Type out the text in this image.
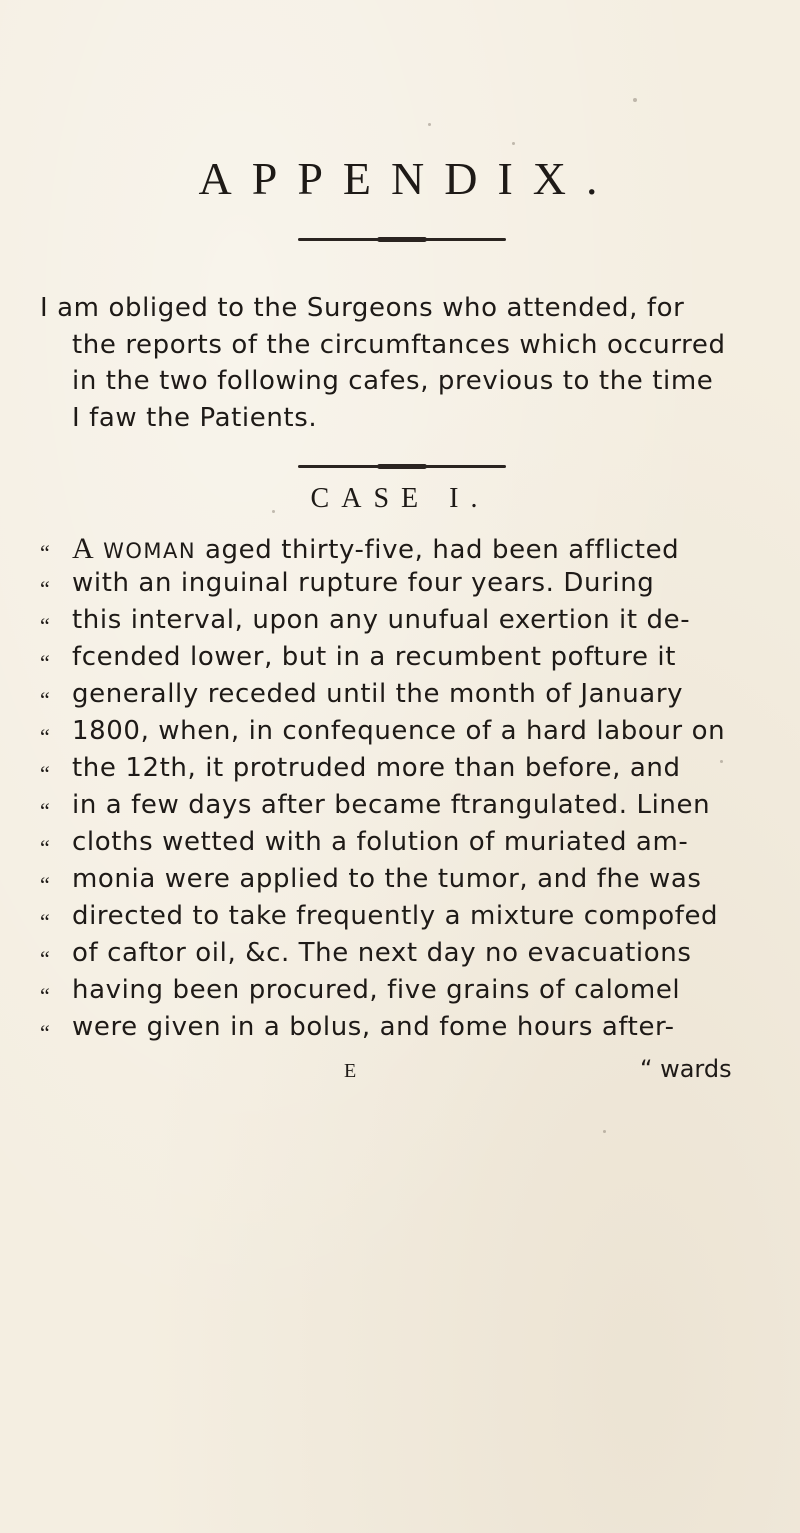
APPENDIX.
I am obliged to the Surgeons who attended, for
the reports of the circumftances which occurred
in the two following cafes, previous to the time
I faw the Patients.
CASE I.
“ A WOMAN aged thirty-five, had been afflicted
“ with an inguinal rupture four years. During
“ this interval, upon any unufual exertion it de-
“ fcended lower, but in a recumbent pofture it
“ generally receded until the month of January
“ 1800, when, in confequence of a hard labour on
“ the 12th, it protruded more than before, and
“ in a few days after became ftrangulated. Linen
“ cloths wetted with a folution of muriated am-
“ monia were applied to the tumor, and fhe was
“ directed to take frequently a mixture compofed
“ of caftor oil, &c. The next day no evacuations
“ having been procured, five grains of calomel
“ were given in a bolus, and fome hours after-
E	“ wards
